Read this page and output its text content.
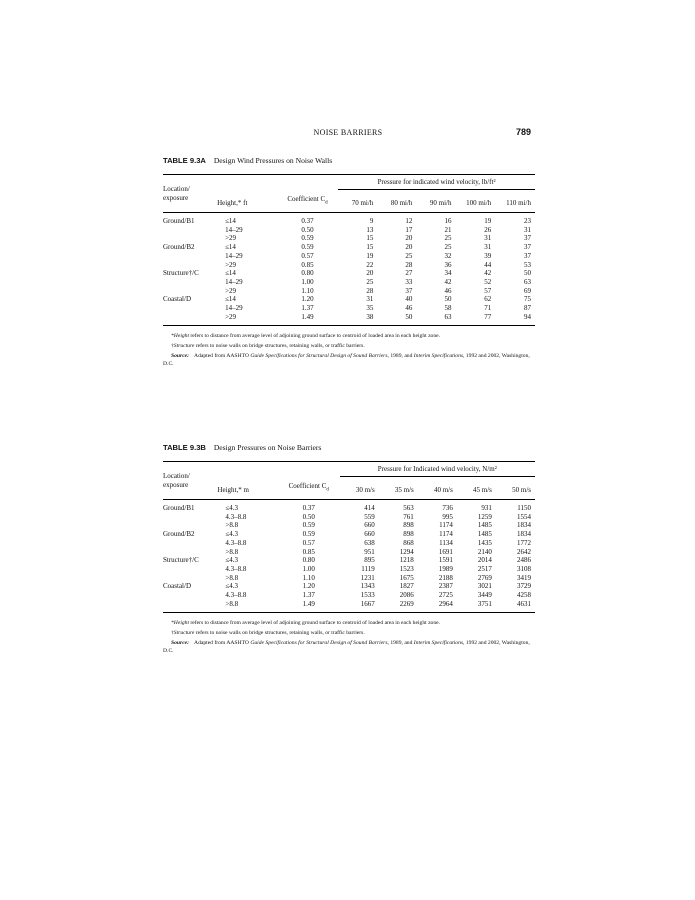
NOISE BARRIERS	789
TABLE 9.3A Design Wind Pressures on Noise Walls
Location/
exposure			Pressure for indicated wind velocity, lb/ft²				
	Height,* ft	Coefficient $C_d$	70 mi/h	80 mi/h	90 mi/h	100 mi/h	110 mi/h
Ground/B1	≤14	0.37	9	12	16	19	23
	14–29	0.50	13	17	21	26	31
	>29	0.59	15	20	25	31	37
Ground/B2	≤14	0.59	15	20	25	31	37
	14–29	0.57	19	25	32	39	37
	>29	0.85	22	28	36	44	53
Structure†/C	≤14	0.80	20	27	34	42	50
	14–29	1.00	25	33	42	52	63
	>29	1.10	28	37	46	57	69
Coastal/D	≤14	1.20	31	40	50	62	75
	14–29	1.37	35	46	58	71	87
	>29	1.49	38	50	63	77	94

*Height refers to distance from average level of adjoining ground surface to centroid of loaded area in each height zone.

†Structure refers to noise walls on bridge structures, retaining walls, or traffic barriers.

Source: Adapted from AASHTO Guide Specifications for Structural Design of Sound Barriers, 1989, and Interim Specifications, 1992 and 2002, Washington, D.C.

TABLE 9.3B Design Pressures on Noise Barriers
Location/
exposure			Pressure for Indicated wind velocity, N/m²				
	Height,* m	Coefficient $C_d$	30 m/s	35 m/s	40 m/s	45 m/s	50 m/s
Ground/B1	≤4.3	0.37	414	563	736	931	1150
	4.3–8.8	0.50	559	761	995	1259	1554
	>8.8	0.59	660	898	1174	1485	1834
Ground/B2	≤4.3	0.59	660	898	1174	1485	1834
	4.3–8.8	0.57	638	868	1134	1435	1772
	>8.8	0.85	951	1294	1691	2140	2642
Structure†/C	≤4.3	0.80	895	1218	1591	2014	2486
	4.3–8.8	1.00	1119	1523	1989	2517	3108
	>8.8	1.10	1231	1675	2188	2769	3419
Coastal/D	≤4.3	1.20	1343	1827	2387	3021	3729
	4.3–8.8	1.37	1533	2086	2725	3449	4258
	>8.8	1.49	1667	2269	2964	3751	4631

*Height refers to distance from average level of adjoining ground surface to centroid of loaded area in each height zone.

†Structure refers to noise walls on bridge structures, retaining walls, or traffic barriers.

Source: Adapted from AASHTO Guide Specifications for Structural Design of Sound Barriers, 1989, and Interim Specifications, 1992 and 2002, Washington, D.C.
